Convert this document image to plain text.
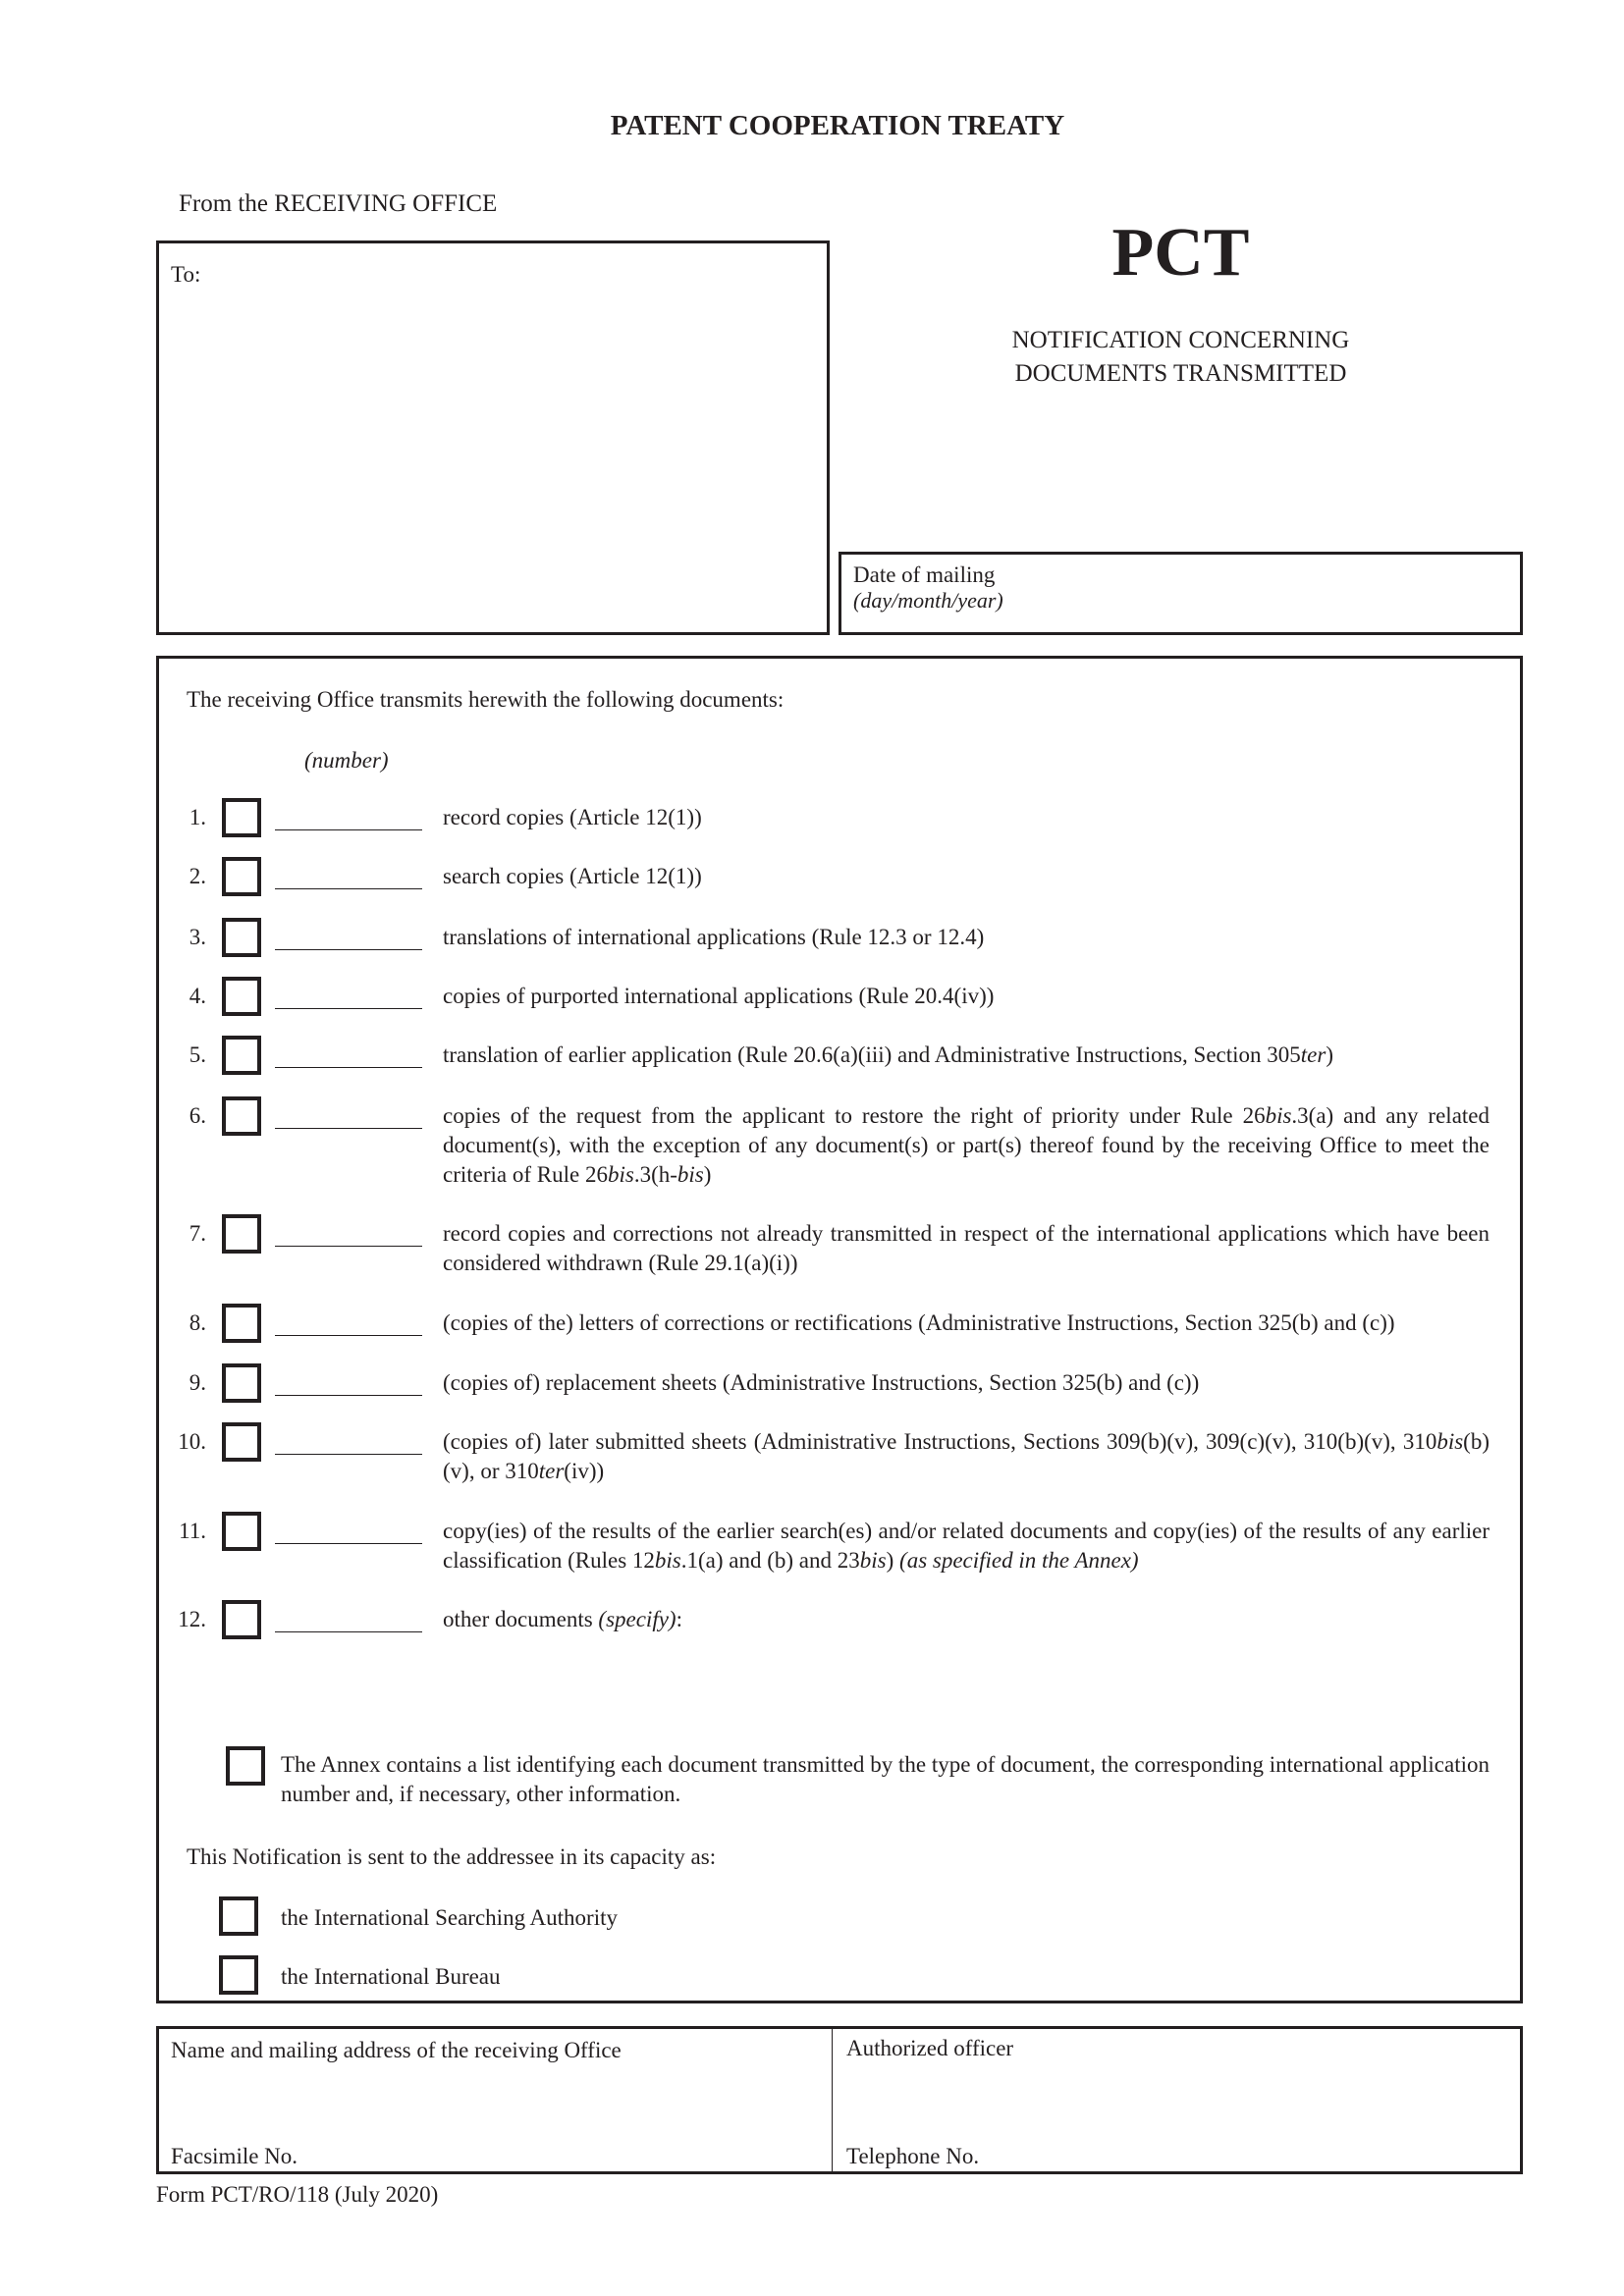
PATENT COOPERATION TREATY
From the RECEIVING OFFICE
To:	PCT
NOTIFICATION CONCERNING
DOCUMENTS TRANSMITTED
Date of mailing
(day/month/year)
The receiving Office transmits herewith the following documents:
(number)
1.	record copies (Article 12(1))
2.	search copies (Article 12(1))
3.	translations of international applications (Rule 12.3 or 12.4)
4.	copies of purported international applications (Rule 20.4(iv))
5.	translation of earlier application (Rule 20.6(a)(iii) and Administrative Instructions, Section 305ter)
6.	copies of the request from the applicant to restore the right of priority under Rule 26bis.3(a) and any related document(s), with the exception of any document(s) or part(s) thereof found by the receiving Office to meet the criteria of Rule 26bis.3(h-bis)
7.	record copies and corrections not already transmitted in respect of the international applications which have been considered withdrawn (Rule 29.1(a)(i))
8.	(copies of the) letters of corrections or rectifications (Administrative Instructions, Section 325(b) and (c))
9.	(copies of) replacement sheets (Administrative Instructions, Section 325(b) and (c))
10.	(copies of) later submitted sheets (Administrative Instructions, Sections 309(b)(v), 309(c)(v), 310(b)(v), 310bis(b)(v), or 310ter(iv))
11.	copy(ies) of the results of the earlier search(es) and/or related documents and copy(ies) of the results of any earlier classification (Rules 12bis.1(a) and (b) and 23bis) (as specified in the Annex)
12.	other documents (specify):
The Annex contains a list identifying each document transmitted by the type of document, the corresponding international application number and, if necessary, other information.
This Notification is sent to the addressee in its capacity as:
the International Searching Authority
the International Bureau
Name and mailing address of the receiving Office
Facsimile No.
Authorized officer
Telephone No.
Form PCT/RO/118 (July 2020)
